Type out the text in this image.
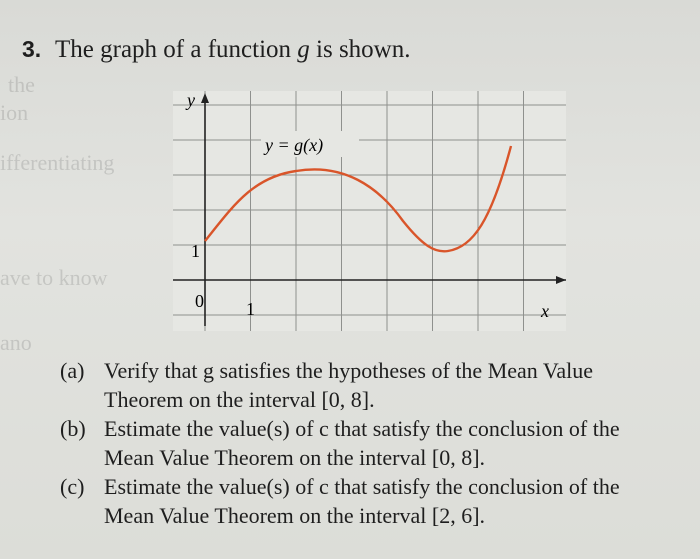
the
ion
ifferentiating
ave to know
ano
3. The graph of a function g is shown.
y
x
1
1
0
y = g(x)
(a) Verify that g satisfies the hypotheses of the Mean Value
Theorem on the interval [0, 8].
(b) Estimate the value(s) of c that satisfy the conclusion of the
Mean Value Theorem on the interval [0, 8].
(c) Estimate the value(s) of c that satisfy the conclusion of the
Mean Value Theorem on the interval [2, 6].
